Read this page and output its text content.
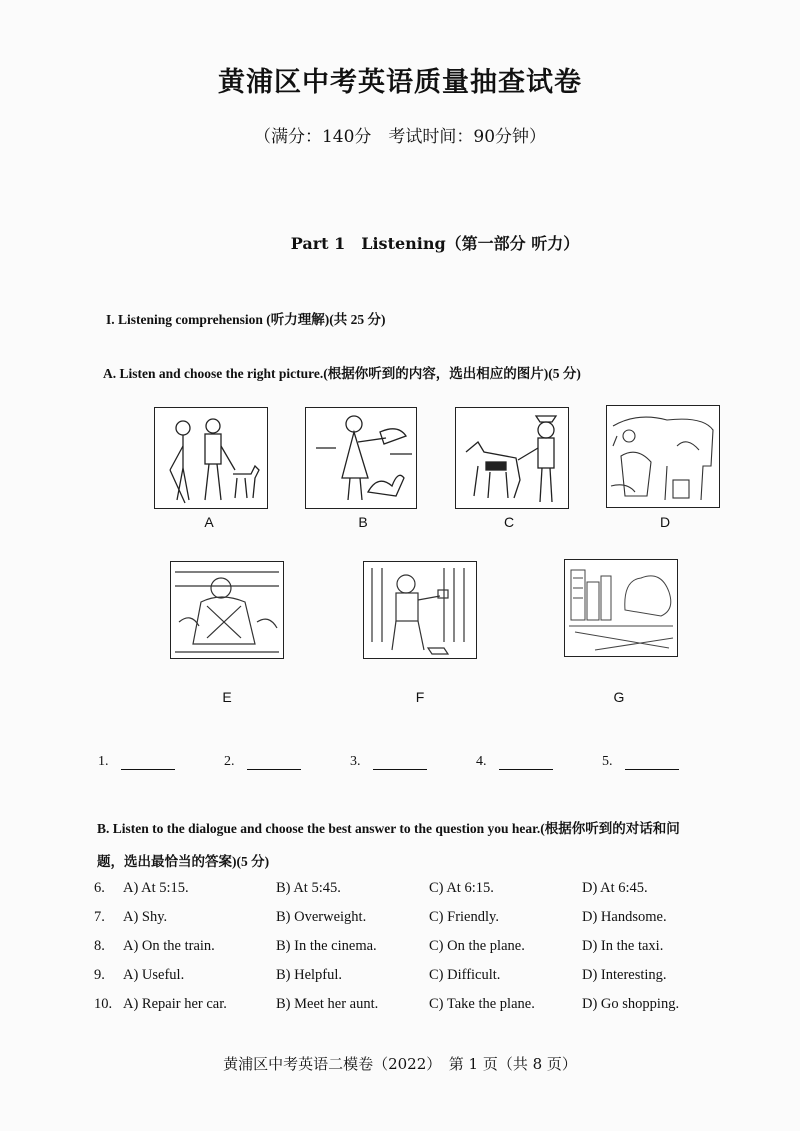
黄浦区中考英语质量抽查试卷
（满分：140分　考试时间：90分钟）
Part 1　Listening（第一部分 听力）
I. Listening comprehension (听力理解)(共 25 分)
A. Listen and choose the right picture.(根据你听到的内容，选出相应的图片)(5 分)
A	B	C	D
E	F	G
1.	2.	3.	4.	5.
B. Listen to the dialogue and choose the best answer to the question you hear.(根据你听到的对话和问
题，选出最恰当的答案)(5 分)
6. A) At 5:15.	B) At 5:45.	C) At 6:15.	D) At 6:45.
7. A) Shy.	B) Overweight.	C) Friendly.	D) Handsome.
8. A) On the train.	B) In the cinema.	C) On the plane.	D) In the taxi.
9. A) Useful.	B) Helpful.	C) Difficult.	D) Interesting.
10. A) Repair her car.	B) Meet her aunt.	C) Take the plane.	D) Go shopping.
黄浦区中考英语二模卷（2022）　第 1 页（共 8 页）
